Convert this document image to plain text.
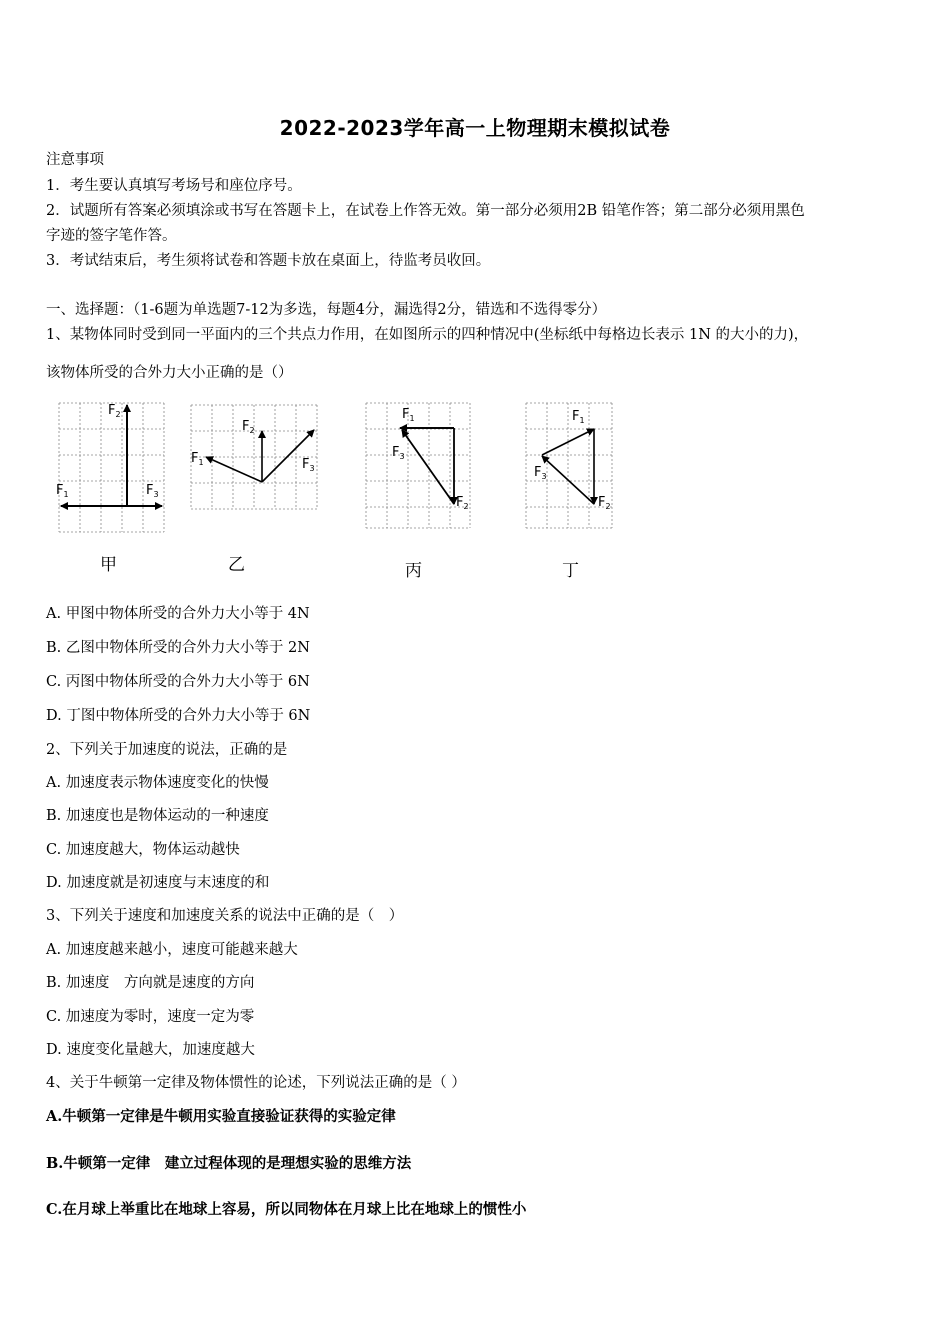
2022-2023学年高一上物理期末模拟试卷
注意事项
1．考生要认真填写考场号和座位序号。
2．试题所有答案必须填涂或书写在答题卡上，在试卷上作答无效。第一部分必须用2B 铅笔作答；第二部分必须用黑色
字迹的签字笔作答。
3．考试结束后，考生须将试卷和答题卡放在桌面上，待监考员收回。
一、选择题：（1-6题为单选题7-12为多选，每题4分，漏选得2分，错选和不选得零分）
1、某物体同时受到同一平面内的三个共点力作用，在如图所示的四种情况中(坐标纸中每格边长表示 1N 的大小的力)，
该物体所受的合外力大小正确的是（）
$F_2$
$F_1$	$F_3$
甲
$F_2$
$F_1$	$F_3$
乙
$F_1$
$F_3$
$F_2$
丙
$F_1$
$F_3$
$F_2$
丁
A. 甲图中物体所受的合外力大小等于 4N
B. 乙图中物体所受的合外力大小等于 2N
C. 丙图中物体所受的合外力大小等于 6N
D. 丁图中物体所受的合外力大小等于 6N
2、下列关于加速度的说法，正确的是
A. 加速度表示物体速度变化的快慢
B. 加速度也是物体运动的一种速度
C. 加速度越大，物体运动越快
D. 加速度就是初速度与末速度的和
3、下列关于速度和加速度关系的说法中正确的是（　）
A. 加速度越来越小，速度可能越来越大
B. 加速度　方向就是速度的方向
C. 加速度为零时，速度一定为零
D. 速度变化量越大，加速度越大
4、关于牛顿第一定律及物体惯性的论述，下列说法正确的是（ ）
A.牛顿第一定律是牛顿用实验直接验证获得的实验定律
B.牛顿第一定律　建立过程体现的是理想实验的思维方法
C.在月球上举重比在地球上容易，所以同物体在月球上比在地球上的惯性小
